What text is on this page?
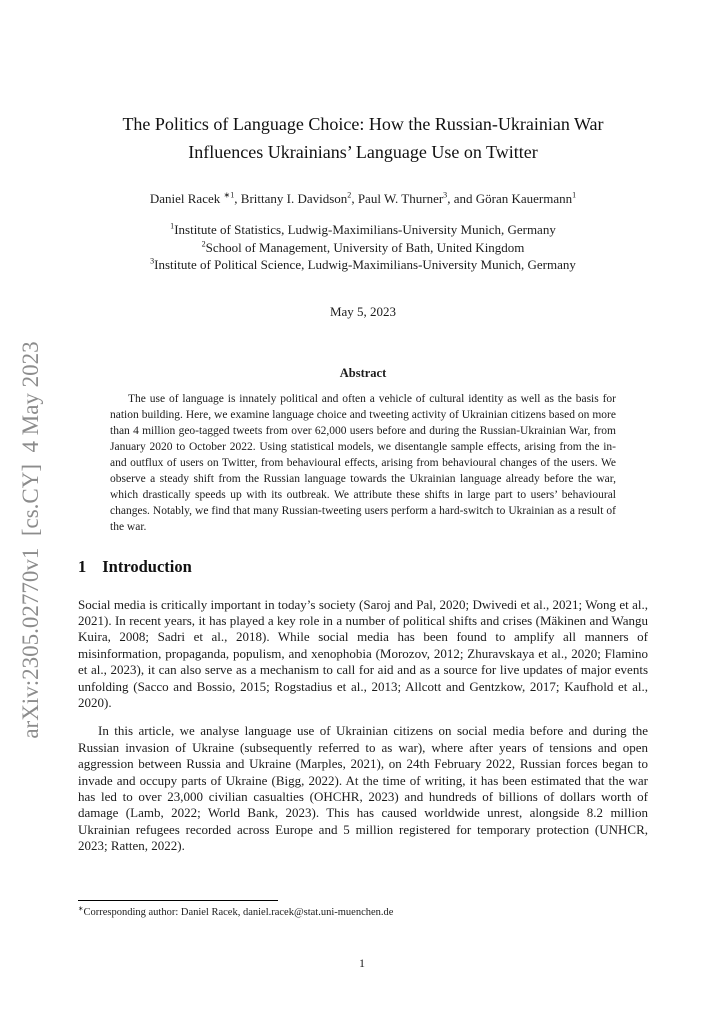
arXiv:2305.02770v1  [cs.CY]  4 May 2023
The Politics of Language Choice: How the Russian-Ukrainian War Influences Ukrainians’ Language Use on Twitter
Daniel Racek $^{∗1}$, Brittany I. Davidson$^2$, Paul W. Thurner$^3$, and Göran Kauermann$^1$
$^1$Institute of Statistics, Ludwig-Maximilians-University Munich, Germany
$^2$School of Management, University of Bath, United Kingdom
$^3$Institute of Political Science, Ludwig-Maximilians-University Munich, Germany
May 5, 2023
Abstract

The use of language is innately political and often a vehicle of cultural identity as well as the basis for nation building. Here, we examine language choice and tweeting activity of Ukrainian citizens based on more than 4 million geo-tagged tweets from over 62,000 users before and during the Russian-Ukrainian War, from January 2020 to October 2022. Using statistical models, we disentangle sample effects, arising from the in- and outflux of users on Twitter, from behavioural effects, arising from behavioural changes of the users. We observe a steady shift from the Russian language towards the Ukrainian language already before the war, which drastically speeds up with its outbreak. We attribute these shifts in large part to users’ behavioural changes. Notably, we find that many Russian-tweeting users perform a hard-switch to Ukrainian as a result of the war.

1 Introduction

Social media is critically important in today’s society (Saroj and Pal, 2020; Dwivedi et al., 2021; Wong et al., 2021). In recent years, it has played a key role in a number of political shifts and crises (Mäkinen and Wangu Kuira, 2008; Sadri et al., 2018). While social media has been found to amplify all manners of misinformation, propaganda, populism, and xenophobia (Morozov, 2012; Zhuravskaya et al., 2020; Flamino et al., 2023), it can also serve as a mechanism to call for aid and as a source for live updates of major events unfolding (Sacco and Bossio, 2015; Rogstadius et al., 2013; Allcott and Gentzkow, 2017; Kaufhold et al., 2020).

In this article, we analyse language use of Ukrainian citizens on social media before and during the Russian invasion of Ukraine (subsequently referred to as war), where after years of tensions and open aggression between Russia and Ukraine (Marples, 2021), on 24th February 2022, Russian forces began to invade and occupy parts of Ukraine (Bigg, 2022). At the time of writing, it has been estimated that the war has led to over 23,000 civilian casualties (OHCHR, 2023) and hundreds of billions of dollars worth of damage (Lamb, 2022; World Bank, 2023). This has caused worldwide unrest, alongside 8.2 million Ukrainian refugees recorded across Europe and 5 million registered for temporary protection (UNHCR, 2023; Ratten, 2022).

∗Corresponding author: Daniel Racek, daniel.racek@stat.uni-muenchen.de
1
